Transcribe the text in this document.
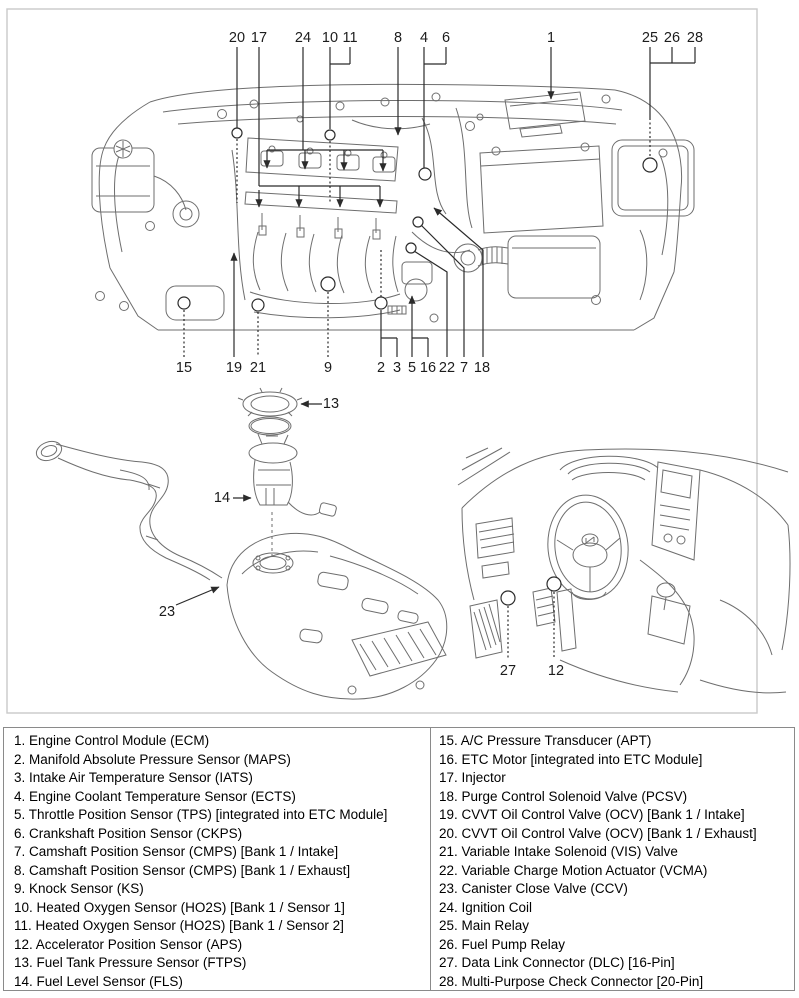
20 17 24 10 11	8 4 6	1	25 26 28
15 19 21	9	2 3 5 16 22 7 18
13
14
23
27 12
1. Engine Control Module (ECM)
2. Manifold Absolute Pressure Sensor (MAPS)
3. Intake Air Temperature Sensor (IATS)
4. Engine Coolant Temperature Sensor (ECTS)
5. Throttle Position Sensor (TPS) [integrated into ETC Module]
6. Crankshaft Position Sensor (CKPS)
7. Camshaft Position Sensor (CMPS) [Bank 1 / Intake]
8. Camshaft Position Sensor (CMPS) [Bank 1 / Exhaust]
9. Knock Sensor (KS)
10. Heated Oxygen Sensor (HO2S) [Bank 1 / Sensor 1]
11. Heated Oxygen Sensor (HO2S) [Bank 1 / Sensor 2]
12. Accelerator Position Sensor (APS)
13. Fuel Tank Pressure Sensor (FTPS)
14. Fuel Level Sensor (FLS)
15. A/C Pressure Transducer (APT)
16. ETC Motor [integrated into ETC Module]
17. Injector
18. Purge Control Solenoid Valve (PCSV)
19. CVVT Oil Control Valve (OCV) [Bank 1 / Intake]
20. CVVT Oil Control Valve (OCV) [Bank 1 / Exhaust]
21. Variable Intake Solenoid (VIS) Valve
22. Variable Charge Motion Actuator (VCMA)
23. Canister Close Valve (CCV)
24. Ignition Coil
25. Main Relay
26. Fuel Pump Relay
27. Data Link Connector (DLC) [16-Pin]
28. Multi-Purpose Check Connector [20-Pin]
